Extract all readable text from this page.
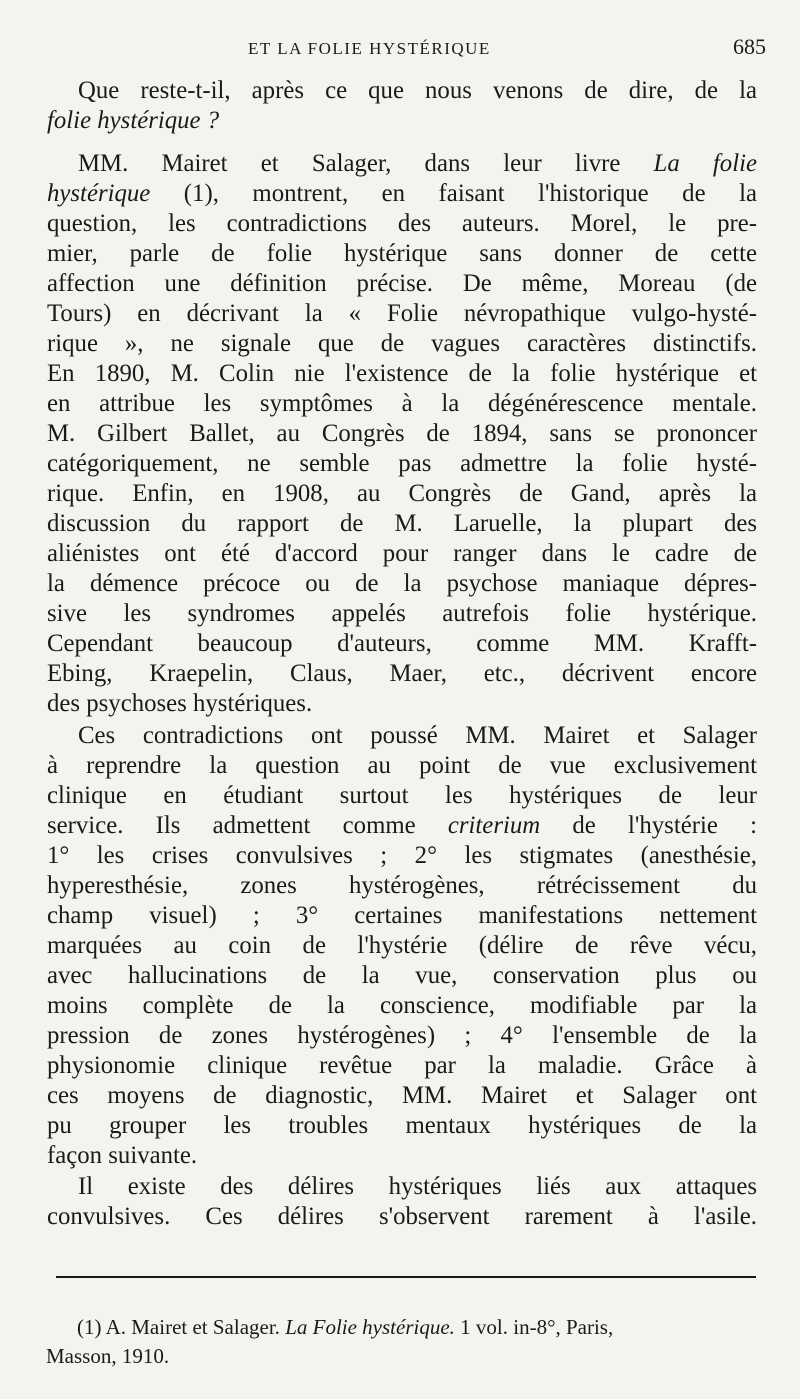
ET LA FOLIE HYSTÉRIQUE	685
Que reste-t-il, après ce que nous venons de dire, de la
folie hystérique ?
MM. Mairet et Salager, dans leur livre La folie
hystérique (1), montrent, en faisant l'historique de la
question, les contradictions des auteurs. Morel, le pre-
mier, parle de folie hystérique sans donner de cette
affection une définition précise. De même, Moreau (de
Tours) en décrivant la « Folie névropathique vulgo-hysté-
rique », ne signale que de vagues caractères distinctifs.
En 1890, M. Colin nie l'existence de la folie hystérique et
en attribue les symptômes à la dégénérescence mentale.
M. Gilbert Ballet, au Congrès de 1894, sans se prononcer
catégoriquement, ne semble pas admettre la folie hysté-
rique. Enfin, en 1908, au Congrès de Gand, après la
discussion du rapport de M. Laruelle, la plupart des
aliénistes ont été d'accord pour ranger dans le cadre de
la démence précoce ou de la psychose maniaque dépres-
sive les syndromes appelés autrefois folie hystérique.
Cependant beaucoup d'auteurs, comme MM. Krafft-
Ebing, Kraepelin, Claus, Maer, etc., décrivent encore
des psychoses hystériques.
Ces contradictions ont poussé MM. Mairet et Salager
à reprendre la question au point de vue exclusivement
clinique en étudiant surtout les hystériques de leur
service. Ils admettent comme criterium de l'hystérie :
1° les crises convulsives ; 2° les stigmates (anesthésie,
hyperesthésie, zones hystérogènes, rétrécissement du
champ visuel) ; 3° certaines manifestations nettement
marquées au coin de l'hystérie (délire de rêve vécu,
avec hallucinations de la vue, conservation plus ou
moins complète de la conscience, modifiable par la
pression de zones hystérogènes) ; 4° l'ensemble de la
physionomie clinique revêtue par la maladie. Grâce à
ces moyens de diagnostic, MM. Mairet et Salager ont
pu grouper les troubles mentaux hystériques de la
façon suivante.
Il existe des délires hystériques liés aux attaques
convulsives. Ces délires s'observent rarement à l'asile.
(1) A. Mairet et Salager. La Folie hystérique. 1 vol. in-8°, Paris,
Masson, 1910.
